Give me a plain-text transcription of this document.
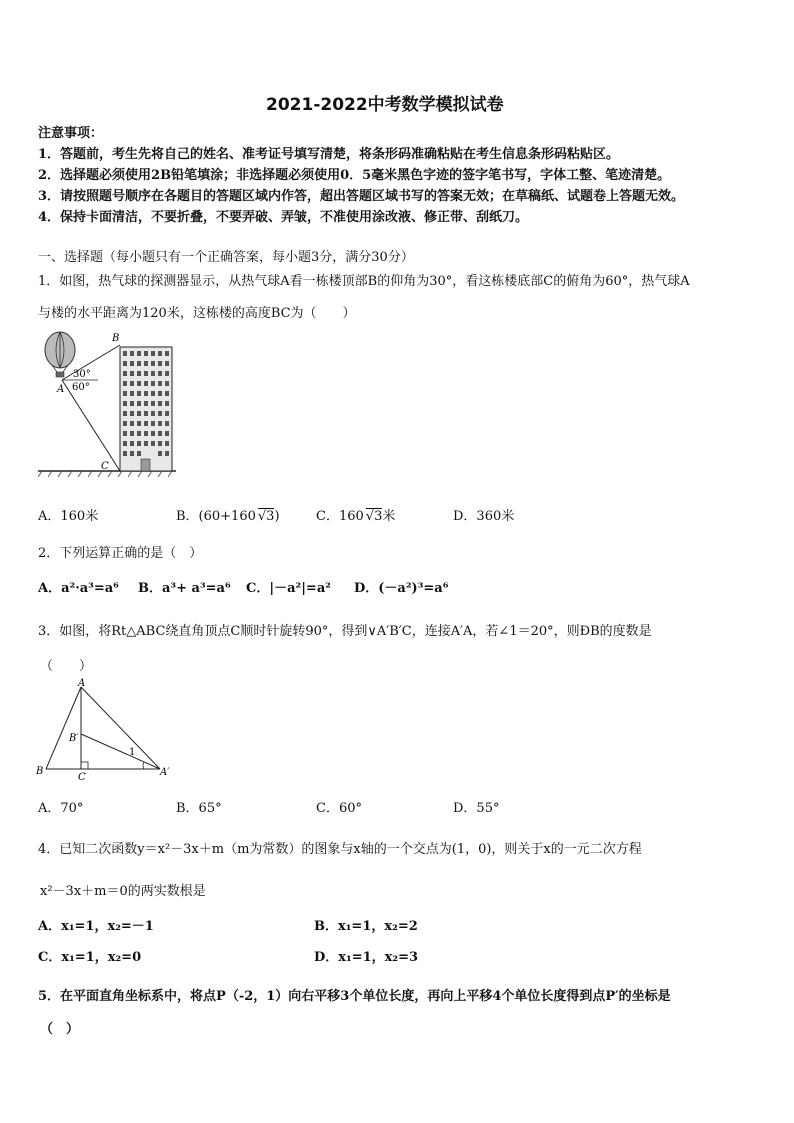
2021-2022中考数学模拟试卷
注意事项：
1．答题前，考生先将自己的姓名、准考证号填写清楚，将条形码准确粘贴在考生信息条形码粘贴区。
2．选择题必须使用2B铅笔填涂；非选择题必须使用0．5毫米黑色字迹的签字笔书写，字体工整、笔迹清楚。
3．请按照题号顺序在各题目的答题区域内作答，超出答题区域书写的答案无效；在草稿纸、试题卷上答题无效。
4．保持卡面清洁，不要折叠，不要弄破、弄皱，不准使用涂改液、修正带、刮纸刀。
一、选择题（每小题只有一个正确答案，每小题3分，满分30分）
1．如图，热气球的探测器显示，从热气球A看一栋楼顶部B的仰角为30°，看这栋楼底部C的俯角为60°，热气球A
与楼的水平距离为120米，这栋楼的高度BC为（　　）
B
A
C
30°
60°
A．160米	B．(60+160 √3)	C．160 √3米	D．360米
2．下列运算正确的是（　）
A．a²·a³=a⁶ B．a³+ a³=a⁶ C．|－a²|=a² D．(－a²)³=a⁶
3．如图，将Rt△ABC绕直角顶点C顺时针旋转90°，得到∨A′B′C，连接A′A，若∠1＝20°，则ÐB的度数是
（　　）
A
B
C
B′
A′
1
A．70°	B．65°	C．60°	D．55°
4．已知二次函数y＝x²－3x＋m（m为常数）的图象与x轴的一个交点为(1，0)，则关于x的一元二次方程
x²－3x＋m＝0的两实数根是
A．x₁=1，x₂=－1	B．x₁=1，x₂=2
C．x₁=1，x₂=0	D．x₁=1，x₂=3
5．在平面直角坐标系中，将点P（-2，1）向右平移3个单位长度，再向上平移4个单位长度得到点P′的坐标是
（　）
